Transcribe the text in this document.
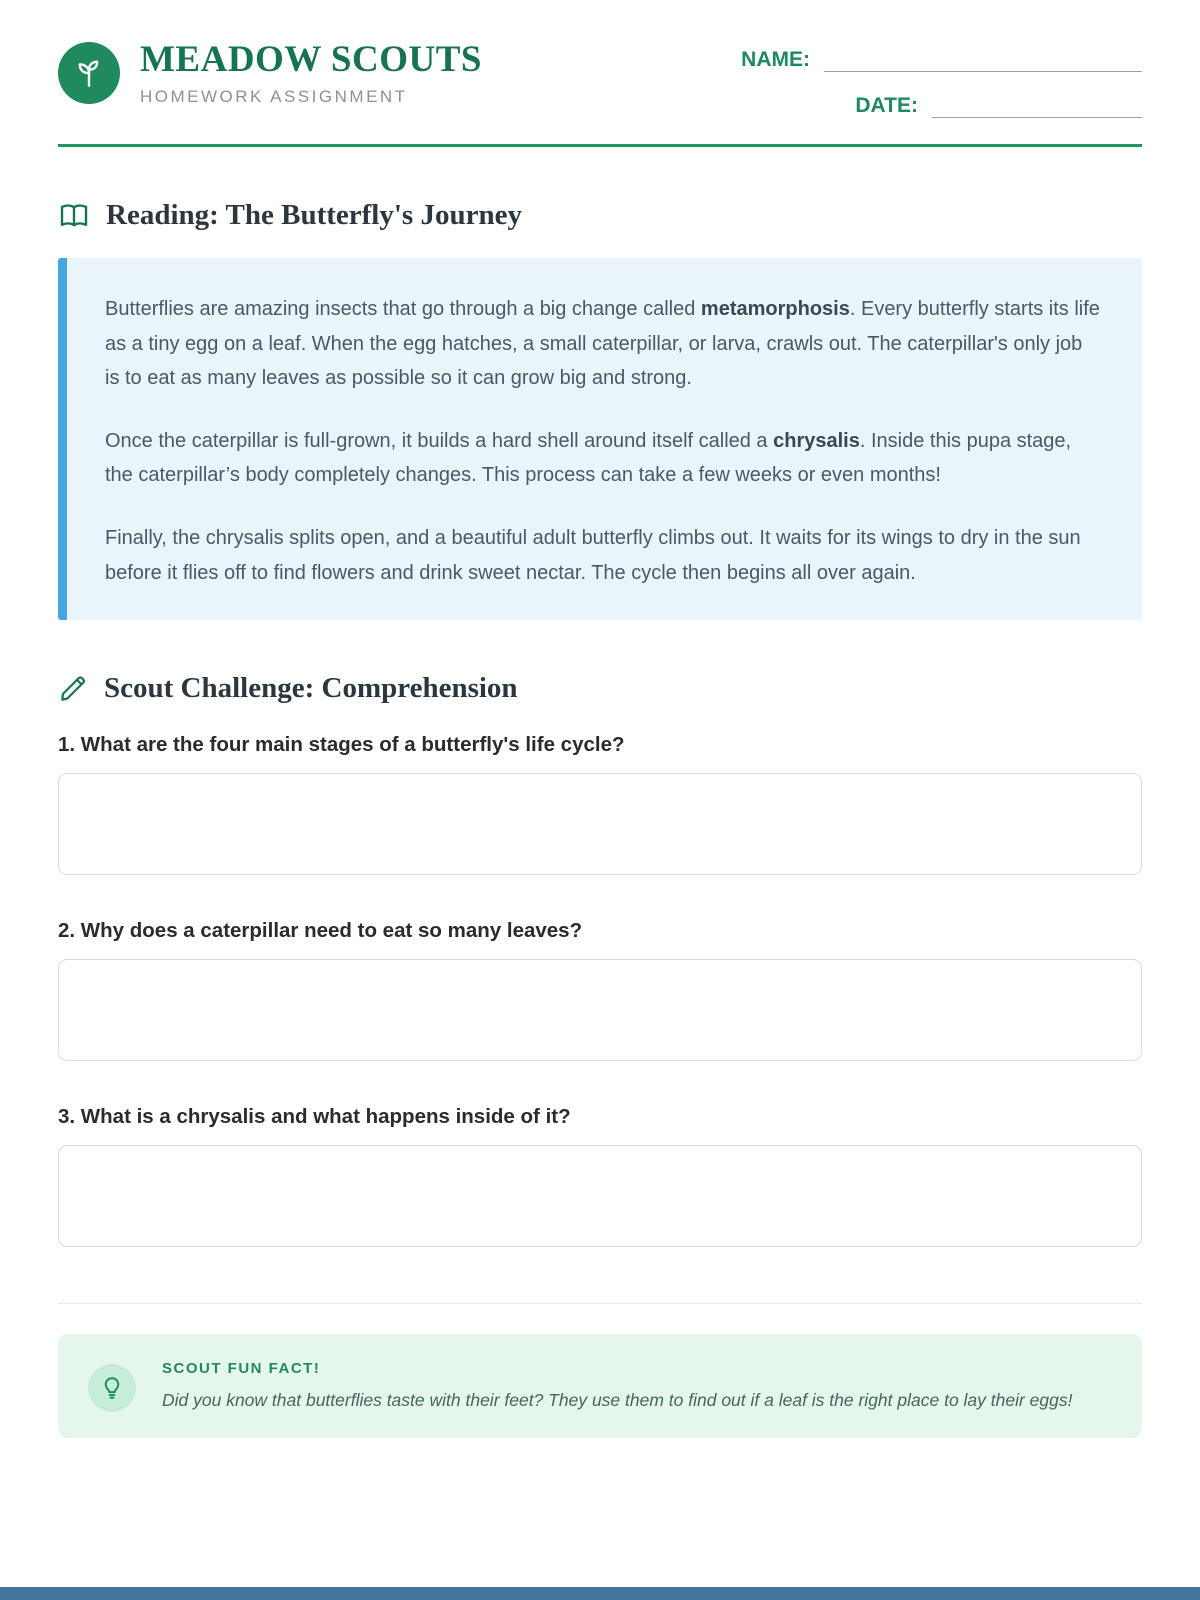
MEADOW SCOUTS
HOMEWORK ASSIGNMENT
NAME:
DATE:
Reading: The Butterfly's Journey

Butterflies are amazing insects that go through a big change called metamorphosis. Every butterfly starts its life as a tiny egg on a leaf. When the egg hatches, a small caterpillar, or larva, crawls out. The caterpillar's only job is to eat as many leaves as possible so it can grow big and strong.

Once the caterpillar is full-grown, it builds a hard shell around itself called a chrysalis. Inside this pupa stage, the caterpillar’s body completely changes. This process can take a few weeks or even months!

Finally, the chrysalis splits open, and a beautiful adult butterfly climbs out. It waits for its wings to dry in the sun before it flies off to find flowers and drink sweet nectar. The cycle then begins all over again.

Scout Challenge: Comprehension
1. What are the four main stages of a butterfly's life cycle?
2. Why does a caterpillar need to eat so many leaves?
3. What is a chrysalis and what happens inside of it?
SCOUT FUN FACT!
Did you know that butterflies taste with their feet? They use them to find out if a leaf is the right place to lay their eggs!
